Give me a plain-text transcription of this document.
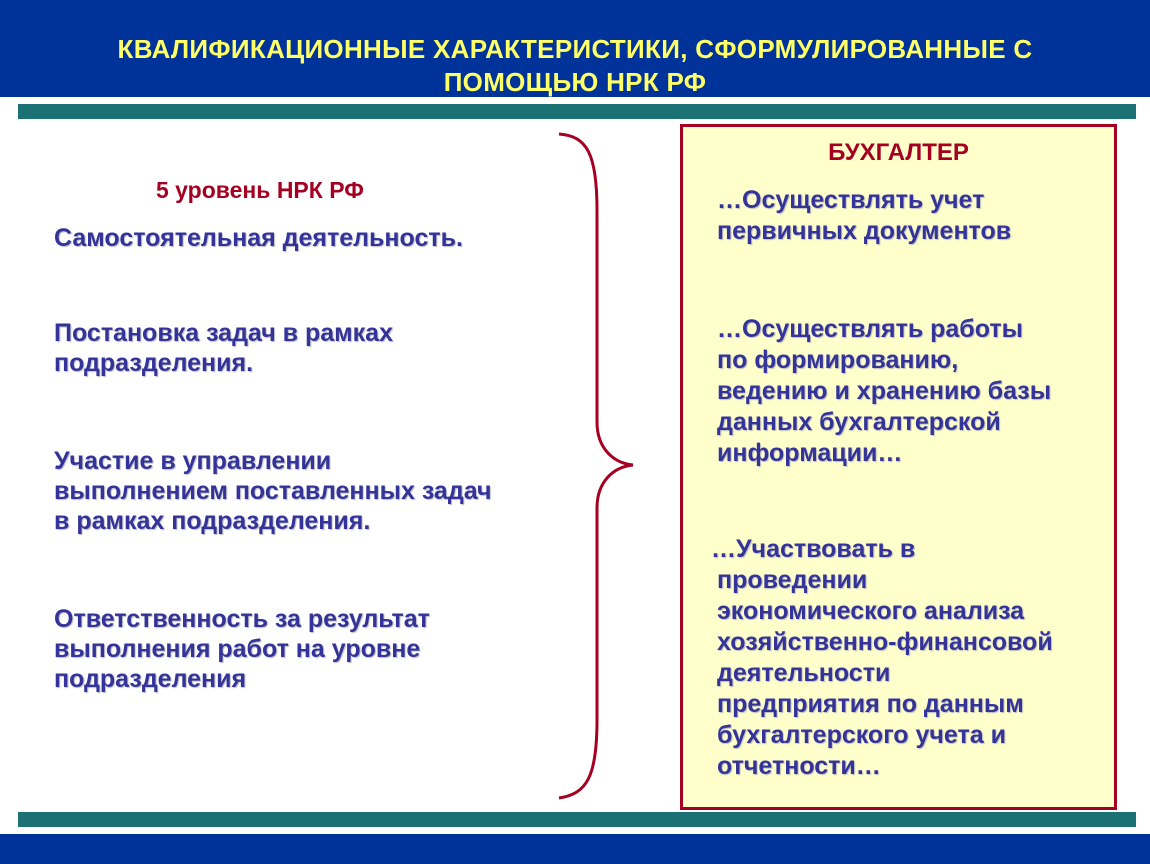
КВАЛИФИКАЦИОННЫЕ ХАРАКТЕРИСТИКИ, СФОРМУЛИРОВАННЫЕ С
ПОМОЩЬЮ НРК РФ
5 уровень НРК РФ
Самостоятельная деятельность.
Постановка задач в рамках
подразделения.
Участие в управлении
выполнением поставленных задач
в рамках подразделения.
Ответственность за результат
выполнения работ на уровне
подразделения
БУХГАЛТЕР
…Осуществлять учет
первичных документов
…Осуществлять работы
по формированию,
ведению и хранению базы
данных бухгалтерской
информации…
…Участвовать в
проведении
экономического анализа
хозяйственно-финансовой
деятельности
предприятия по данным
бухгалтерского учета и
отчетности…
